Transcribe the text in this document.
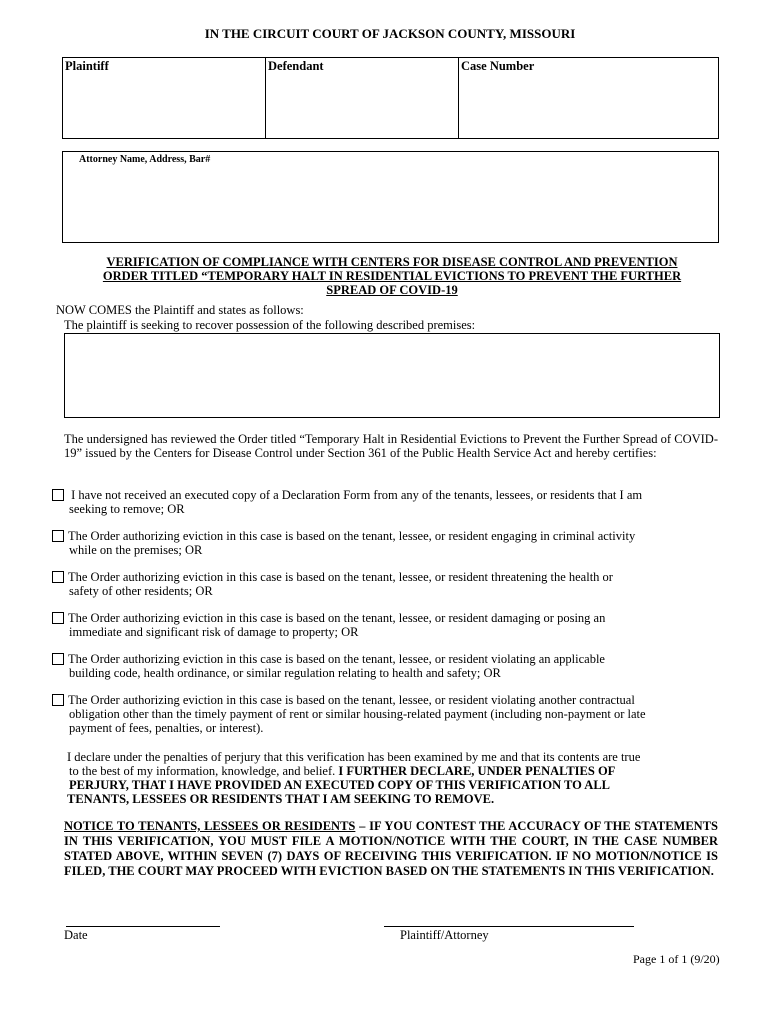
IN THE CIRCUIT COURT OF JACKSON COUNTY, MISSOURI
Plaintiff	Defendant	Case Number
Attorney Name, Address, Bar#
VERIFICATION OF COMPLIANCE WITH CENTERS FOR DISEASE CONTROL AND PREVENTION
ORDER TITLED “TEMPORARY HALT IN RESIDENTIAL EVICTIONS TO PREVENT THE FURTHER
SPREAD OF COVID-19
NOW COMES the Plaintiff and states as follows:
The plaintiff is seeking to recover possession of the following described premises:
The undersigned has reviewed the Order titled “Temporary Halt in Residential Evictions to Prevent the Further Spread of COVID-19” issued by the Centers for Disease Control under Section 361 of the Public Health Service Act and hereby certifies:
I have not received an executed copy of a Declaration Form from any of the tenants, lessees, or residents that I am
seeking to remove; OR
The Order authorizing eviction in this case is based on the tenant, lessee, or resident engaging in criminal activity
while on the premises; OR
The Order authorizing eviction in this case is based on the tenant, lessee, or resident threatening the health or
safety of other residents; OR
The Order authorizing eviction in this case is based on the tenant, lessee, or resident damaging or posing an
immediate and significant risk of damage to property; OR
The Order authorizing eviction in this case is based on the tenant, lessee, or resident violating an applicable
building code, health ordinance, or similar regulation relating to health and safety; OR
The Order authorizing eviction in this case is based on the tenant, lessee, or resident violating another contractual
obligation other than the timely payment of rent or similar housing-related payment (including non-payment or late
payment of fees, penalties, or interest).
I declare under the penalties of perjury that this verification has been examined by me and that its contents are true
to the best of my information, knowledge, and belief. I FURTHER DECLARE, UNDER PENALTIES OF
PERJURY, THAT I HAVE PROVIDED AN EXECUTED COPY OF THIS VERIFICATION TO ALL
TENANTS, LESSEES OR RESIDENTS THAT I AM SEEKING TO REMOVE.
NOTICE TO TENANTS, LESSEES OR RESIDENTS – IF YOU CONTEST THE ACCURACY OF THE STATEMENTS IN THIS VERIFICATION, YOU MUST FILE A MOTION/NOTICE WITH THE COURT, IN THE CASE NUMBER STATED ABOVE, WITHIN SEVEN (7) DAYS OF RECEIVING THIS VERIFICATION. IF NO MOTION/NOTICE IS FILED, THE COURT MAY PROCEED WITH EVICTION BASED ON THE STATEMENTS IN THIS VERIFICATION.
Date	Plaintiff/Attorney
Page 1 of 1 (9/20)
